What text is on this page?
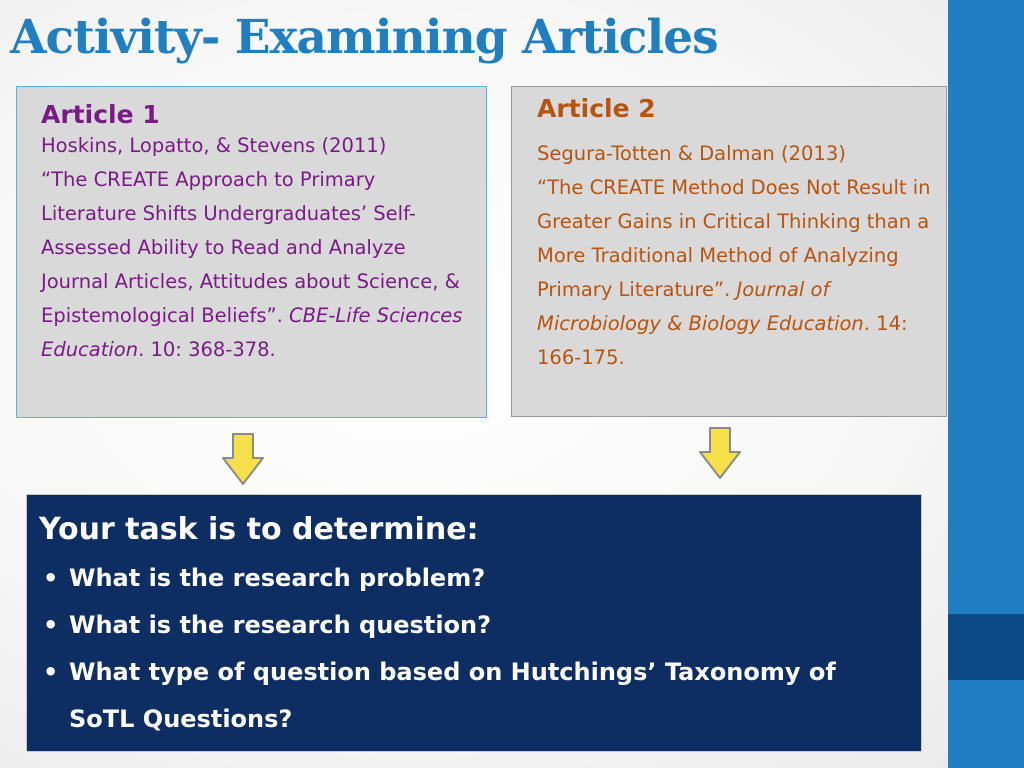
Activity- Examining Articles
Article 1
Hoskins, Lopatto, & Stevens (2011)
“The CREATE Approach to Primary Literature Shifts Undergraduates’ Self-Assessed Ability to Read and Analyze Journal Articles, Attitudes about Science, & Epistemological Beliefs”. CBE-Life Sciences Education. 10: 368-378.
Article 2
Segura-Totten & Dalman (2013)
“The CREATE Method Does Not Result in Greater Gains in Critical Thinking than a More Traditional Method of Analyzing Primary Literature”. Journal of Microbiology & Biology Education. 14: 166-175.
Your task is to determine:
• What is the research problem?
• What is the research question?
• What type of question based on Hutchings’ Taxonomy of SoTL Questions?
